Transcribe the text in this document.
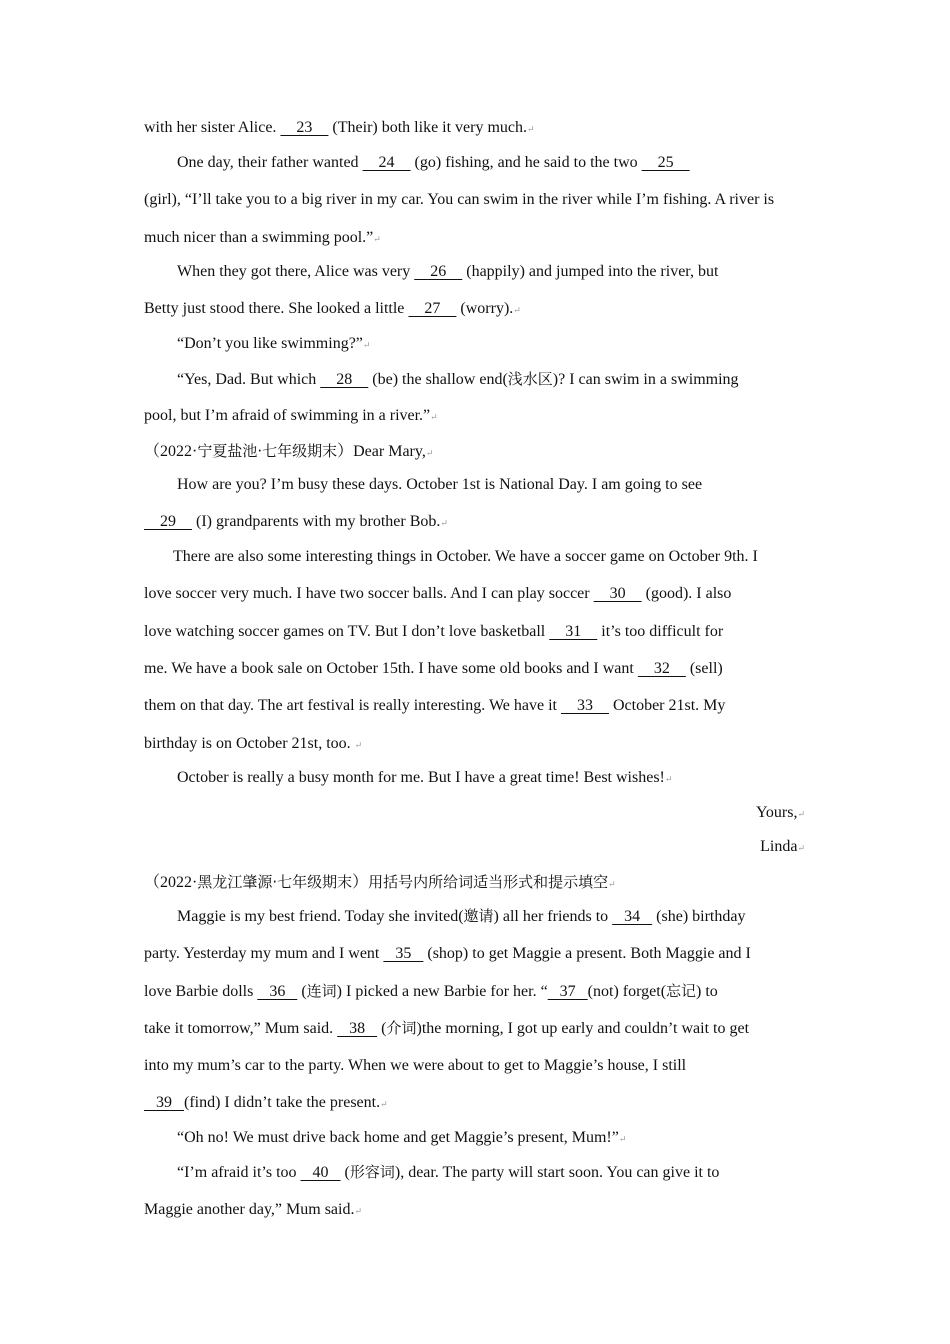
with her sister Alice.     23     (Their) both like it very much.↵
One day, their father wanted     24     (go) fishing, and he said to the two     25
(girl), “I’ll take you to a big river in my car. You can swim in the river while I’m fishing. A river is
much nicer than a swimming pool.”↵
When they got there, Alice was very     26     (happily) and jumped into the river, but
Betty just stood there. She looked a little     27     (worry).↵
“Don’t you like swimming?”↵
“Yes, Dad. But which     28     (be) the shallow end(浅水区)? I can swim in a swimming
pool, but I’m afraid of swimming in a river.”↵
（2022·宁夏盐池·七年级期末）Dear Mary,↵
How are you? I’m busy these days. October 1st is National Day. I am going to see
29     (I) grandparents with my brother Bob.↵
There are also some interesting things in October. We have a soccer game on October 9th. I
love soccer very much. I have two soccer balls. And I can play soccer     30     (good). I also
love watching soccer games on TV. But I don’t love basketball     31     it’s too difficult for
me. We have a book sale on October 15th. I have some old books and I want     32     (sell)
them on that day. The art festival is really interesting. We have it     33     October 21st. My
birthday is on October 21st, too. ↵
October is really a busy month for me. But I have a great time! Best wishes!↵
Yours,↵
Linda↵
（2022·黑龙江肇源·七年级期末）用括号内所给词适当形式和提示填空↵
Maggie is my best friend. Today she invited(邀请) all her friends to    34    (she) birthday
party. Yesterday my mum and I went    35    (shop) to get Maggie a present. Both Maggie and I
love Barbie dolls    36    (连词) I picked a new Barbie for her. “   37   (not) forget(忘记) to
take it tomorrow,” Mum said.    38    (介词)the morning, I got up early and couldn’t wait to get
into my mum’s car to the party. When we were about to get to Maggie’s house, I still
39   (find) I didn’t take the present.↵
“Oh no! We must drive back home and get Maggie’s present, Mum!”↵
“I’m afraid it’s too    40    (形容词), dear. The party will start soon. You can give it to
Maggie another day,” Mum said.↵
